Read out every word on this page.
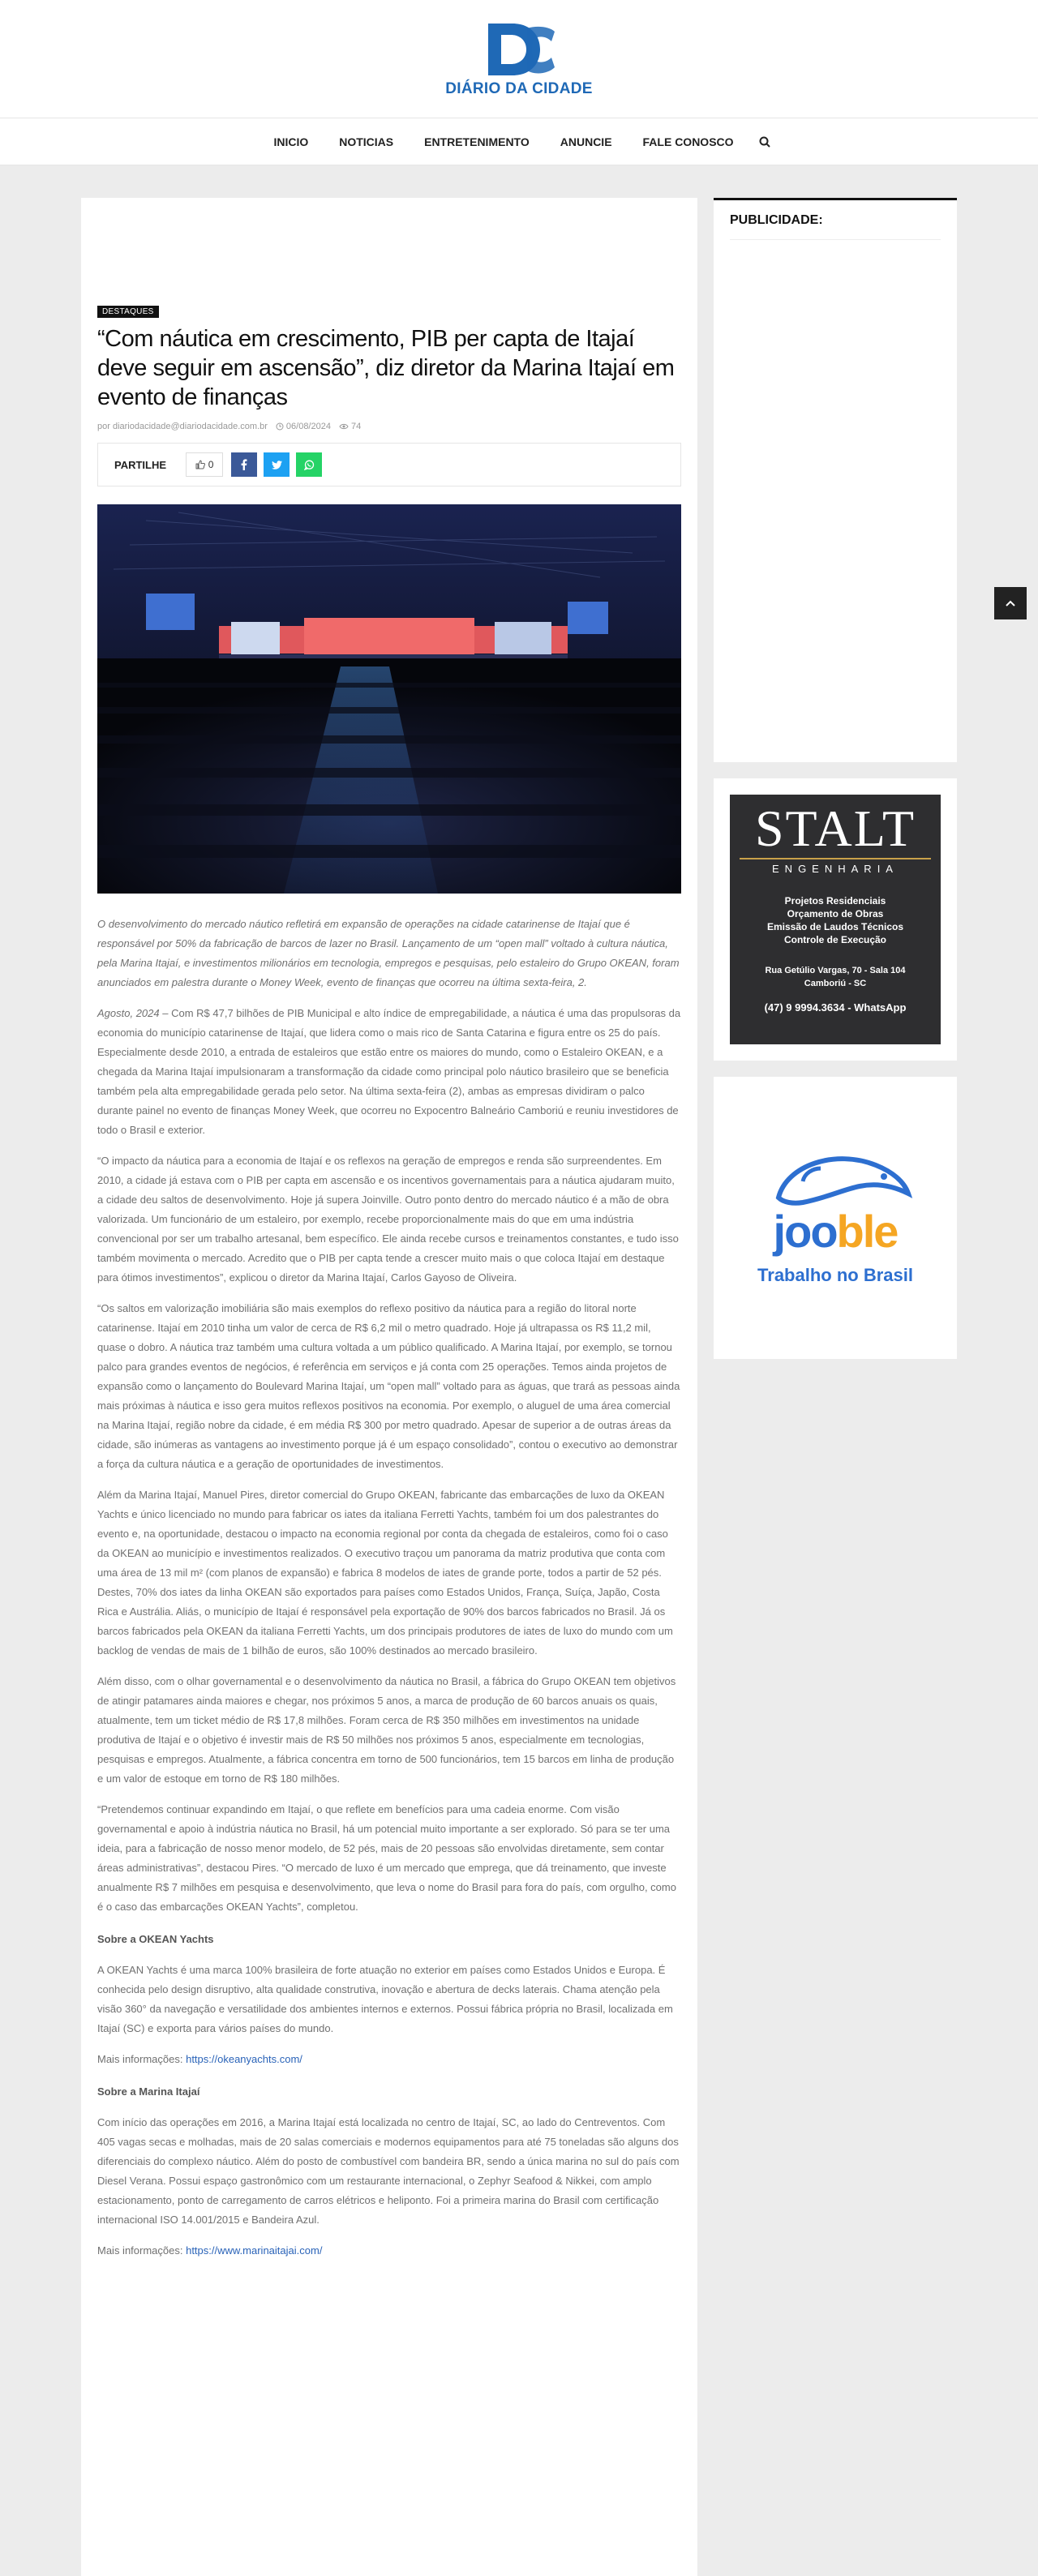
DIÁRIO DA CIDADE
INICIO	NOTICIAS	ENTRETENIMENTO	ANUNCIE	FALE CONOSCO
DESTAQUES
“Com náutica em crescimento, PIB per capta de Itajaí deve seguir em ascensão”, diz diretor da Marina Itajaí em evento de finanças
por diariodacidade@diariodacidade.com.br 06/08/2024 74
PARTILHE	0

O desenvolvimento do mercado náutico refletirá em expansão de operações na cidade catarinense de Itajaí que é responsável por 50% da fabricação de barcos de lazer no Brasil. Lançamento de um “open mall” voltado à cultura náutica, pela Marina Itajaí, e investimentos milionários em tecnologia, empregos e pesquisas, pelo estaleiro do Grupo OKEAN, foram anunciados em palestra durante o Money Week, evento de finanças que ocorreu na última sexta-feira, 2.

Agosto, 2024 – Com R$ 47,7 bilhões de PIB Municipal e alto índice de empregabilidade, a náutica é uma das propulsoras da economia do município catarinense de Itajaí, que lidera como o mais rico de Santa Catarina e figura entre os 25 do país. Especialmente desde 2010, a entrada de estaleiros que estão entre os maiores do mundo, como o Estaleiro OKEAN, e a chegada da Marina Itajaí impulsionaram a transformação da cidade como principal polo náutico brasileiro que se beneficia também pela alta empregabilidade gerada pelo setor. Na última sexta-feira (2), ambas as empresas dividiram o palco durante painel no evento de finanças Money Week, que ocorreu no Expocentro Balneário Camboriú e reuniu investidores de todo o Brasil e exterior.

“O impacto da náutica para a economia de Itajaí e os reflexos na geração de empregos e renda são surpreendentes. Em 2010, a cidade já estava com o PIB per capta em ascensão e os incentivos governamentais para a náutica ajudaram muito, a cidade deu saltos de desenvolvimento. Hoje já supera Joinville. Outro ponto dentro do mercado náutico é a mão de obra valorizada. Um funcionário de um estaleiro, por exemplo, recebe proporcionalmente mais do que em uma indústria convencional por ser um trabalho artesanal, bem específico. Ele ainda recebe cursos e treinamentos constantes, e tudo isso também movimenta o mercado. Acredito que o PIB per capta tende a crescer muito mais o que coloca Itajaí em destaque para ótimos investimentos”, explicou o diretor da Marina Itajaí, Carlos Gayoso de Oliveira.

“Os saltos em valorização imobiliária são mais exemplos do reflexo positivo da náutica para a região do litoral norte catarinense. Itajaí em 2010 tinha um valor de cerca de R$ 6,2 mil o metro quadrado. Hoje já ultrapassa os R$ 11,2 mil, quase o dobro. A náutica traz também uma cultura voltada a um público qualificado. A Marina Itajaí, por exemplo, se tornou palco para grandes eventos de negócios, é referência em serviços e já conta com 25 operações. Temos ainda projetos de expansão como o lançamento do Boulevard Marina Itajaí, um “open mall” voltado para as águas, que trará as pessoas ainda mais próximas à náutica e isso gera muitos reflexos positivos na economia. Por exemplo, o aluguel de uma área comercial na Marina Itajaí, região nobre da cidade, é em média R$ 300 por metro quadrado. Apesar de superior a de outras áreas da cidade, são inúmeras as vantagens ao investimento porque já é um espaço consolidado”, contou o executivo ao demonstrar a força da cultura náutica e a geração de oportunidades de investimentos.

Além da Marina Itajaí, Manuel Pires, diretor comercial do Grupo OKEAN, fabricante das embarcações de luxo da OKEAN Yachts e único licenciado no mundo para fabricar os iates da italiana Ferretti Yachts, também foi um dos palestrantes do evento e, na oportunidade, destacou o impacto na economia regional por conta da chegada de estaleiros, como foi o caso da OKEAN ao município e investimentos realizados. O executivo traçou um panorama da matriz produtiva que conta com uma área de 13 mil m² (com planos de expansão) e fabrica 8 modelos de iates de grande porte, todos a partir de 52 pés. Destes, 70% dos iates da linha OKEAN são exportados para países como Estados Unidos, França, Suíça, Japão, Costa Rica e Austrália. Aliás, o município de Itajaí é responsável pela exportação de 90% dos barcos fabricados no Brasil. Já os barcos fabricados pela OKEAN da italiana Ferretti Yachts, um dos principais produtores de iates de luxo do mundo com um backlog de vendas de mais de 1 bilhão de euros, são 100% destinados ao mercado brasileiro.

Além disso, com o olhar governamental e o desenvolvimento da náutica no Brasil, a fábrica do Grupo OKEAN tem objetivos de atingir patamares ainda maiores e chegar, nos próximos 5 anos, a marca de produção de 60 barcos anuais os quais, atualmente, tem um ticket médio de R$ 17,8 milhões. Foram cerca de R$ 350 milhões em investimentos na unidade produtiva de Itajaí e o objetivo é investir mais de R$ 50 milhões nos próximos 5 anos, especialmente em tecnologias, pesquisas e empregos. Atualmente, a fábrica concentra em torno de 500 funcionários, tem 15 barcos em linha de produção e um valor de estoque em torno de R$ 180 milhões.

“Pretendemos continuar expandindo em Itajaí, o que reflete em benefícios para uma cadeia enorme. Com visão governamental e apoio à indústria náutica no Brasil, há um potencial muito importante a ser explorado. Só para se ter uma ideia, para a fabricação de nosso menor modelo, de 52 pés, mais de 20 pessoas são envolvidas diretamente, sem contar áreas administrativas”, destacou Pires. “O mercado de luxo é um mercado que emprega, que dá treinamento, que investe anualmente R$ 7 milhões em pesquisa e desenvolvimento, que leva o nome do Brasil para fora do país, com orgulho, como é o caso das embarcações OKEAN Yachts”, completou.

Sobre a OKEAN Yachts

A OKEAN Yachts é uma marca 100% brasileira de forte atuação no exterior em países como Estados Unidos e Europa. É conhecida pelo design disruptivo, alta qualidade construtiva, inovação e abertura de decks laterais. Chama atenção pela visão 360° da navegação e versatilidade dos ambientes internos e externos. Possui fábrica própria no Brasil, localizada em Itajaí (SC) e exporta para vários países do mundo.

Mais informações: https://okeanyachts.com/

Sobre a Marina Itajaí

Com início das operações em 2016, a Marina Itajaí está localizada no centro de Itajaí, SC, ao lado do Centreventos. Com 405 vagas secas e molhadas, mais de 20 salas comerciais e modernos equipamentos para até 75 toneladas são alguns dos diferenciais do complexo náutico. Além do posto de combustível com bandeira BR, sendo a única marina no sul do país com Diesel Verana. Possui espaço gastronômico com um restaurante internacional, o Zephyr Seafood & Nikkei, com amplo estacionamento, ponto de carregamento de carros elétricos e heliponto. Foi a primeira marina do Brasil com certificação internacional ISO 14.001/2015 e Bandeira Azul.

Mais informações: https://www.marinaitajai.com/

PUBLICIDADE:
STALT
ENGENHARIA
Projetos Residenciais
Orçamento de Obras
Emissão de Laudos Técnicos
Controle de Execução
Rua Getúlio Vargas, 70 - Sala 104
Camboriú - SC
(47) 9 9994.3634 - WhatsApp
jooble
Trabalho no Brasil
